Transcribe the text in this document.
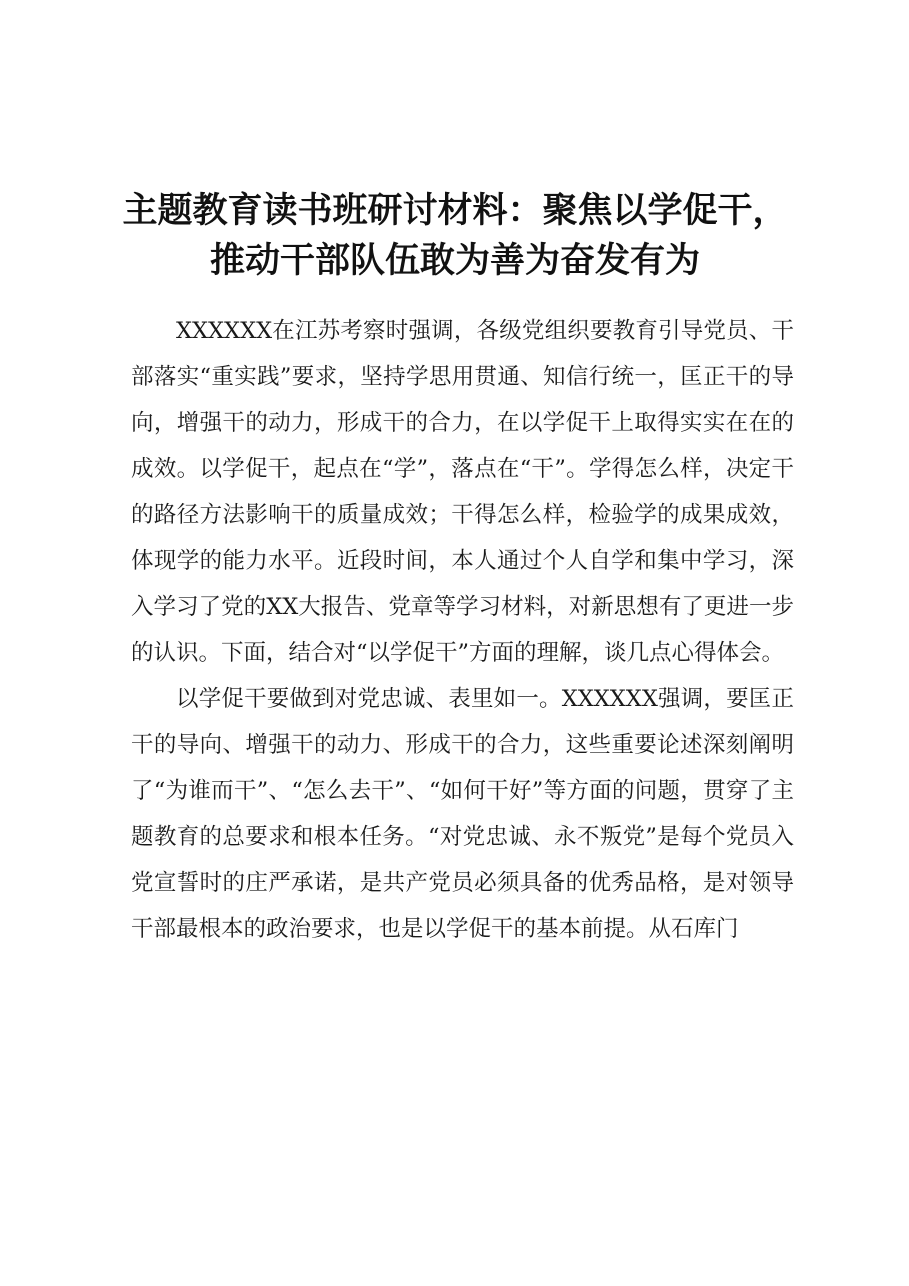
主题教育读书班研讨材料：聚焦以学促干，
推动干部队伍敢为善为奋发有为

XXXXXX在江苏考察时强调，各级党组织要教育引导党员、干部落实“重实践”要求，坚持学思用贯通、知信行统一，匡正干的导向，增强干的动力，形成干的合力，在以学促干上取得实实在在的成效。以学促干，起点在“学”，落点在“干”。学得怎么样，决定干的路径方法影响干的质量成效；干得怎么样，检验学的成果成效，体现学的能力水平。近段时间，本人通过个人自学和集中学习，深入学习了党的XX大报告、党章等学习材料，对新思想有了更进一步的认识。下面，结合对“以学促干”方面的理解，谈几点心得体会。

以学促干要做到对党忠诚、表里如一。XXXXXX强调，要匡正干的导向、增强干的动力、形成干的合力，这些重要论述深刻阐明了“为谁而干”、“怎么去干”、“如何干好”等方面的问题，贯穿了主题教育的总要求和根本任务。“对党忠诚、永不叛党”是每个党员入党宣誓时的庄严承诺，是共产党员必须具备的优秀品格，是对领导干部最根本的政治要求，也是以学促干的基本前提。从石库门
